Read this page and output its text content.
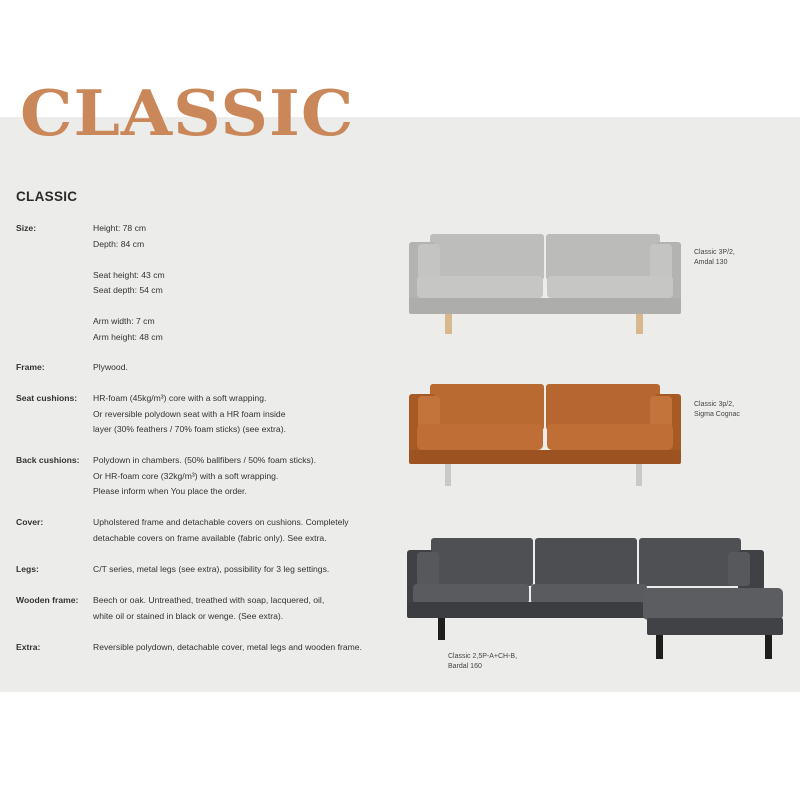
CLASSIC
CLASSIC
Size:	Height: 78 cm
Depth: 84 cm
Seat height: 43 cm
Seat depth: 54 cm
Arm width: 7 cm
Arm height: 48 cm
Frame:	Plywood.
Seat cushions:	HR-foam (45kg/m³) core with a soft wrapping.
Or reversible polydown seat with a HR foam inside
layer (30% feathers / 70% foam sticks) (see extra).
Back cushions:	Polydown in chambers. (50% ballfibers / 50% foam sticks).
Or HR-foam core (32kg/m³) with a soft wrapping.
Please inform when You place the order.
Cover:	Upholstered frame and detachable covers on cushions. Completely
detachable covers on frame available (fabric only). See extra.
Legs:	C/T series, metal legs (see extra), possibility for 3 leg settings.
Wooden frame:	Beech or oak. Untreathed, treathed with soap, lacquered, oil,
white oil or stained in black or wenge. (See extra).
Extra:	Reversible polydown, detachable cover, metal legs and wooden frame.
Classic 3P/2,
Amdal 130
Classic 3p/2,
Sigma Cognac
Classic 2,5P-A+CH-B,
Bardal 160
